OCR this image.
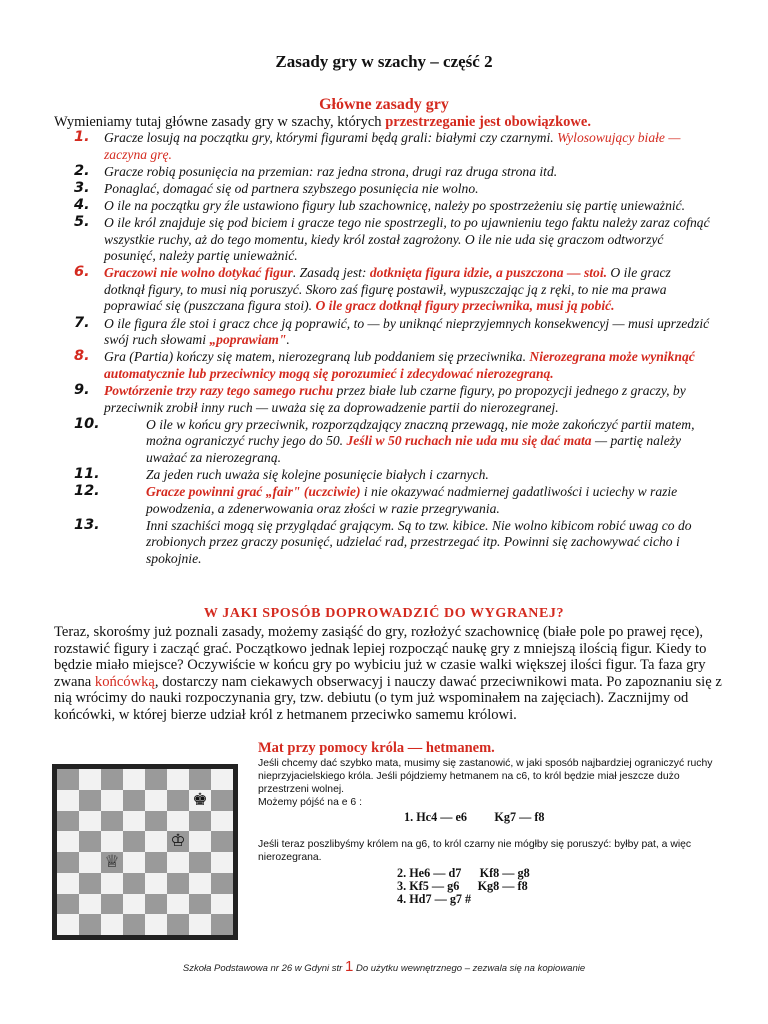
Zasady gry w szachy – część 2
Główne zasady gry
Wymieniamy tutaj główne zasady gry w szachy, których przestrzeganie jest obowiązkowe.
1. Gracze losują na początku gry, którymi figurami będą grali: białymi czy czarnymi. Wylosowujący białe — zaczyna grę.
2. Gracze robią posunięcia na przemian: raz jedna strona, drugi raz druga strona itd.
3. Ponaglać, domagać się od partnera szybszego posunięcia nie wolno.
4. O ile na początku gry źle ustawiono figury lub szachownicę, należy po spostrzeżeniu się partię unieważnić.
5. O ile król znajduje się pod biciem i gracze tego nie spostrzegli, to po ujawnieniu tego faktu należy zaraz cofnąć wszystkie ruchy, aż do tego momentu, kiedy król został zagrożony. O ile nie uda się graczom odtworzyć posunięć, należy partię unieważnić.
6. Graczowi nie wolno dotykać figur. Zasadą jest: dotknięta figura idzie, a puszczona — stoi. O ile gracz dotknął figury, to musi nią poruszyć. Skoro zaś figurę postawił, wypuszczając ją z ręki, to nie ma prawa poprawiać się (puszczana figura stoi). O ile gracz dotknął figury przeciwnika, musi ją pobić.
7. O ile figura źle stoi i gracz chce ją poprawić, to — by uniknąć nieprzyjemnych konsekwencyj — musi uprzedzić swój ruch słowami „poprawiam".
8. Gra (Partia) kończy się matem, nierozegraną lub poddaniem się przeciwnika. Nierozegrana może wyniknąć automatycznie lub przeciwnicy mogą się porozumieć i zdecydować nierozegraną.
9. Powtórzenie trzy razy tego samego ruchu przez białe lub czarne figury, po propozycji jednego z graczy, by przeciwnik zrobił inny ruch — uważa się za doprowadzenie partii do nierozegranej.
10.	O ile w końcu gry przeciwnik, rozporządzający znaczną przewagą, nie może zakończyć partii matem, można ograniczyć ruchy jego do 50. Jeśli w 50 ruchach nie uda mu się dać mata — partię należy uważać za nierozegraną.
11.	Za jeden ruch uważa się kolejne posunięcie białych i czarnych.
12.	Gracze powinni grać „fair" (uczciwie) i nie okazywać nadmiernej gadatliwości i uciechy w razie powodzenia, a zdenerwowania oraz złości w razie przegrywania.
13.	Inni szachiści mogą się przyglądać grającym. Są to tzw. kibice. Nie wolno kibicom robić uwag co do zrobionych przez graczy posunięć, udzielać rad, przestrzegać itp. Powinni się zachowywać cicho i spokojnie.
W JAKI SPOSÓB DOPROWADZIĆ DO WYGRANEJ?
Teraz, skorośmy już poznali zasady, możemy zasiąść do gry, rozłożyć szachownicę (białe pole po prawej ręce), rozstawić figury i zacząć grać. Początkowo jednak lepiej rozpocząć naukę gry z mniejszą ilością figur. Kiedy to będzie miało miejsce? Oczywiście w końcu gry po wybiciu już w czasie walki większej ilości figur. Ta faza gry zwana końcówką, dostarczy nam ciekawych obserwacyj i nauczy dawać przeciwnikowi mata. Po zapoznaniu się z nią wrócimy do nauki rozpoczynania gry, tzw. debiutu (o tym już wspominałem na zajęciach). Zacznijmy od końcówki, w której bierze udział król z hetmanem przeciwko samemu królowi.
♚
♔
♕
Mat przy pomocy króla — hetmanem.
Jeśli chcemy dać szybko mata, musimy się zastanowić, w jaki sposób najbardziej ograniczyć ruchy nieprzyjacielskiego króla. Jeśli pójdziemy hetmanem na c6, to król będzie miał jeszcze dużo przestrzeni wolnej.
Możemy pójść na e 6 :
1. Hc4 — e6         Kg7 — f8
Jeśli teraz poszlibyśmy królem na g6, to król czarny nie mógłby się poruszyć: byłby pat, a więc nierozegrana.
2. He6 — d7      Kf8 — g8
3. Kf5 — g6      Kg8 — f8
4. Hd7 — g7 #
Szkoła Podstawowa nr 26 w Gdyni str 1 Do użytku wewnętrznego – zezwala się na kopiowanie
